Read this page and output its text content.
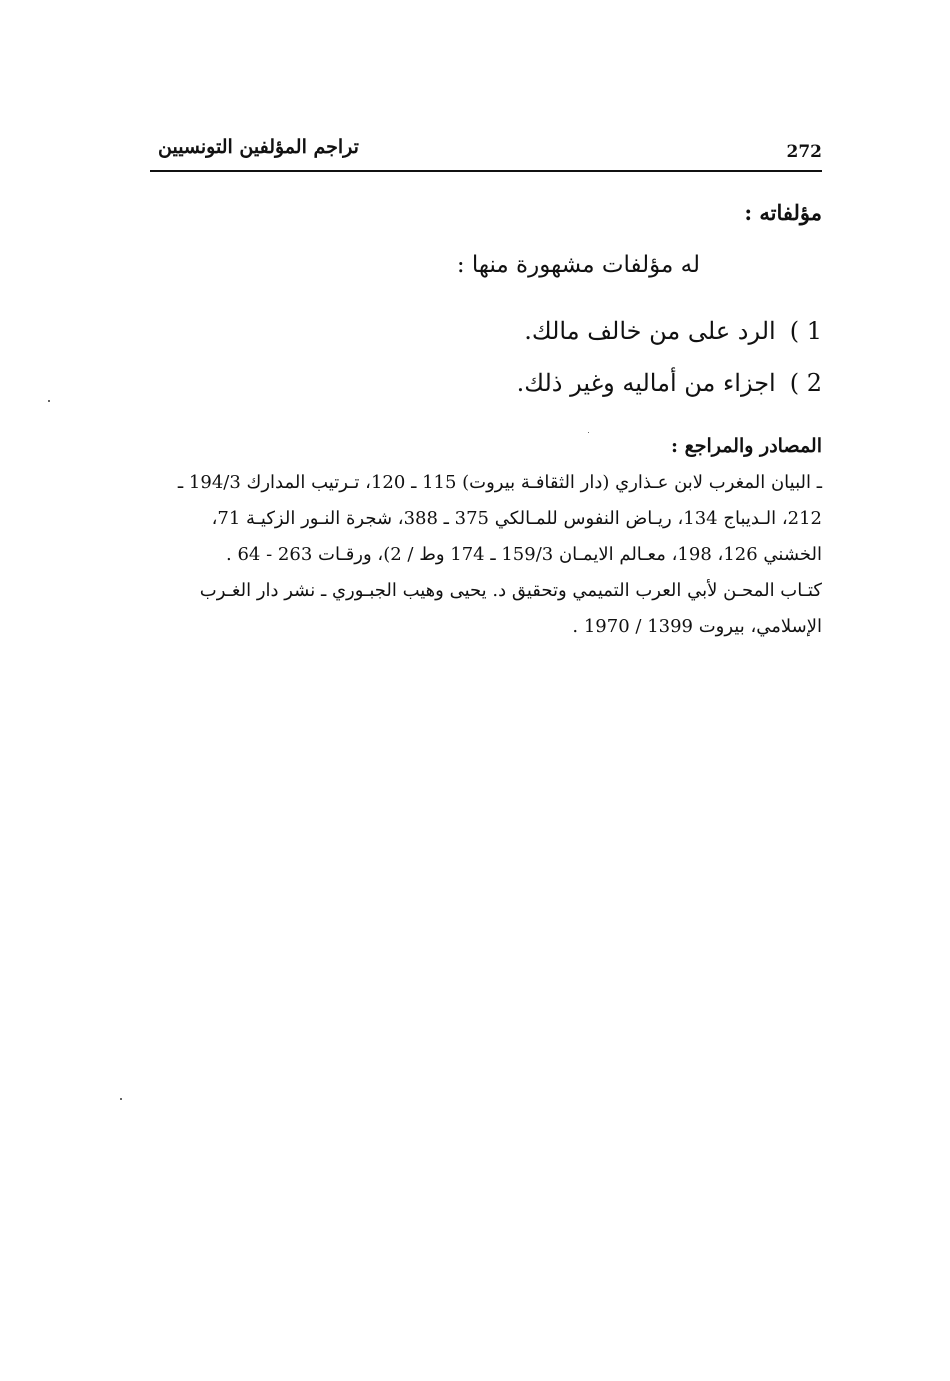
تراجم المؤلفين التونسيين	272
مؤلفاته :
له مؤلفات مشهورة منها :
1 )الرد على من خالف مالك.
2 )اجزاء من أماليه وغير ذلك.
المصادر والمراجع :

ـ البيان المغرب لابن عـذاري (دار الثقافـة بيروت) 115 ـ 120، تـرتيب المدارك 194/3 ـ

212، الـديباج 134، ريـاض النفوس للمـالكي 375 ـ 388، شجرة النـور الزكيـة 71،

الخشني 126، 198، معـالم الايمـان 159/3 ـ 174 وط / 2)، ورقـات 263 - 64 .

كتـاب المحـن لأبي العرب التميمي وتحقيق د. يحيى وهيب الجبـوري ـ نشر دار الغـرب

الإسلامي، بيروت 1399 / 1970 .
